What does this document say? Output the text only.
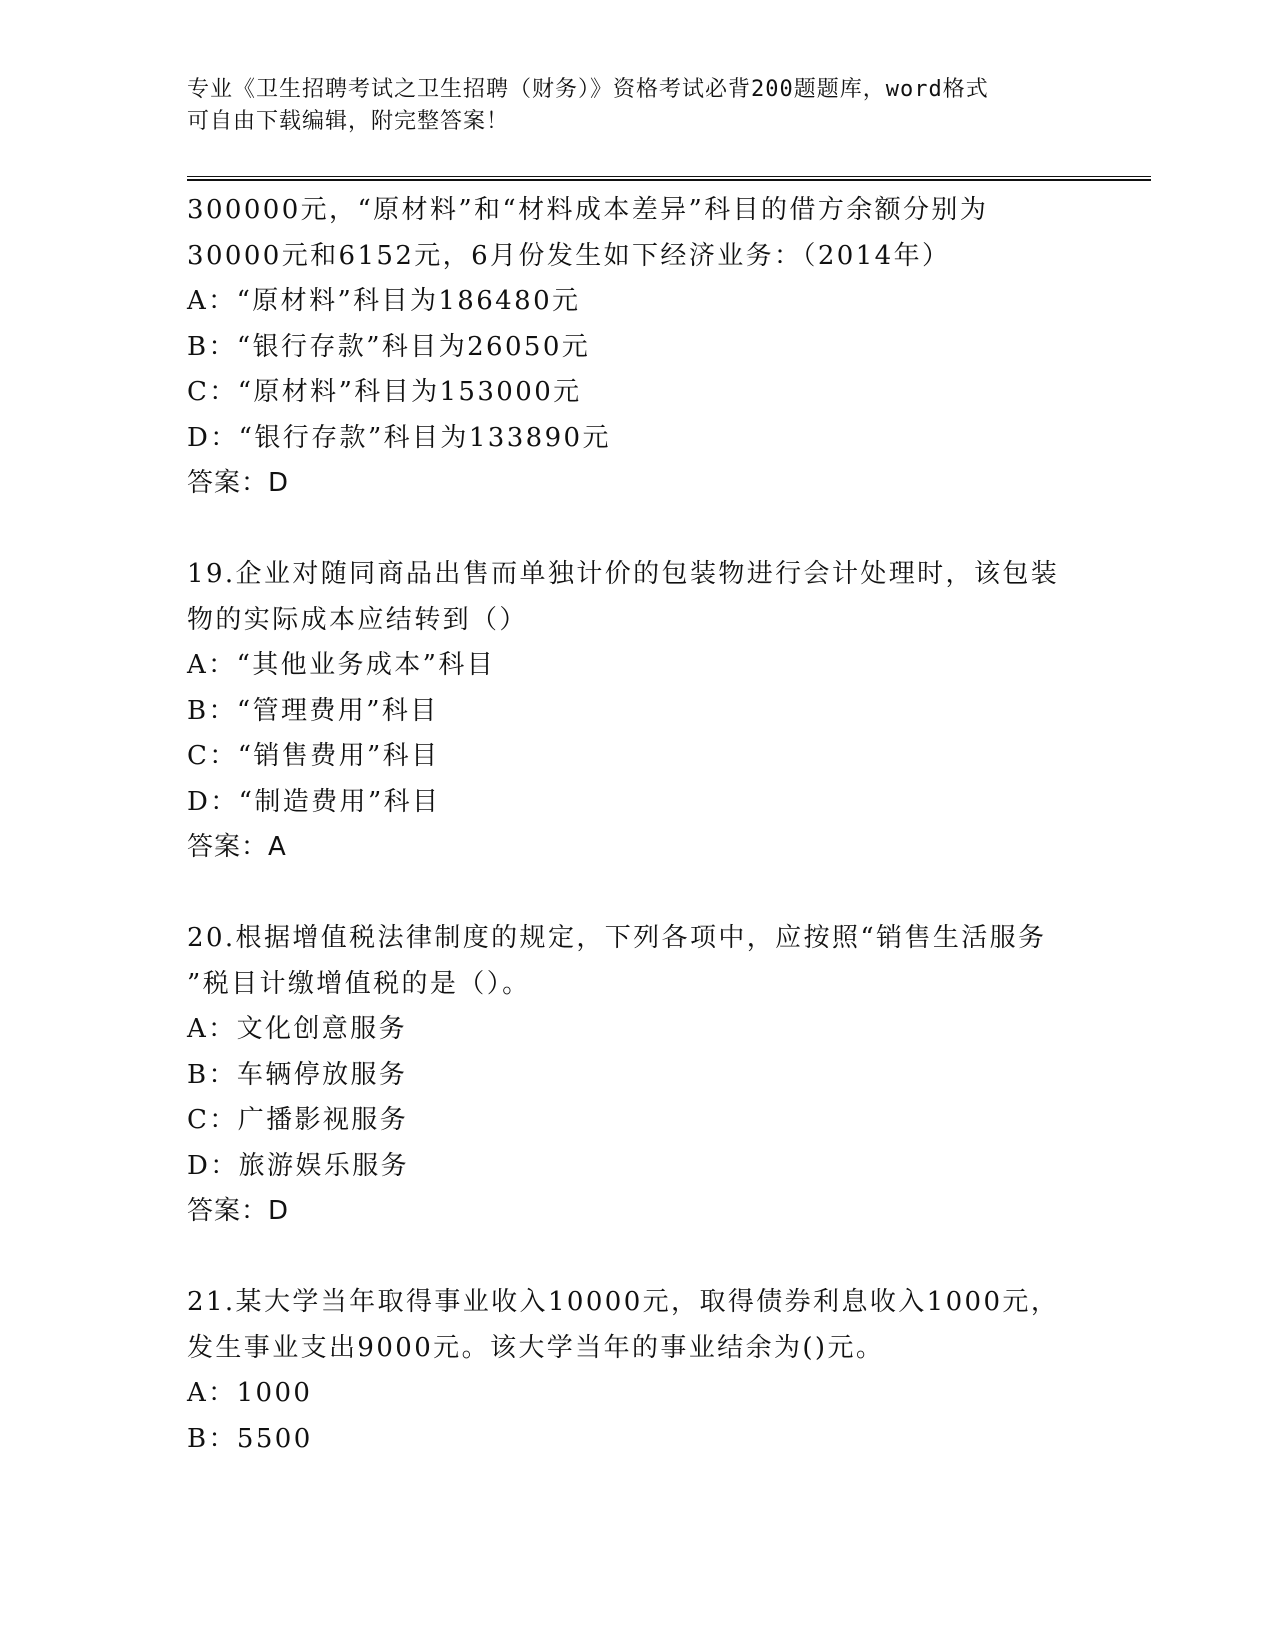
专业《卫生招聘考试之卫生招聘（财务）》资格考试必背200题题库，word格式
可自由下载编辑，附完整答案！
300000元，“原材料”和“材料成本差异”科目的借方余额分别为
30000元和6152元，6月份发生如下经济业务：（2014年）
A：“原材料”科目为186480元
B：“银行存款”科目为26050元
C：“原材料”科目为153000元
D：“银行存款”科目为133890元
答案：D
19.企业对随同商品出售而单独计价的包装物进行会计处理时，该包装
物的实际成本应结转到（）
A：“其他业务成本”科目
B：“管理费用”科目
C：“销售费用”科目
D：“制造费用”科目
答案：A
20.根据增值税法律制度的规定，下列各项中，应按照“销售生活服务
”税目计缴增值税的是（）。
A：文化创意服务
B：车辆停放服务
C：广播影视服务
D：旅游娱乐服务
答案：D
21.某大学当年取得事业收入10000元，取得债券利息收入1000元，
发生事业支出9000元。该大学当年的事业结余为()元。
A：1000
B：5500
